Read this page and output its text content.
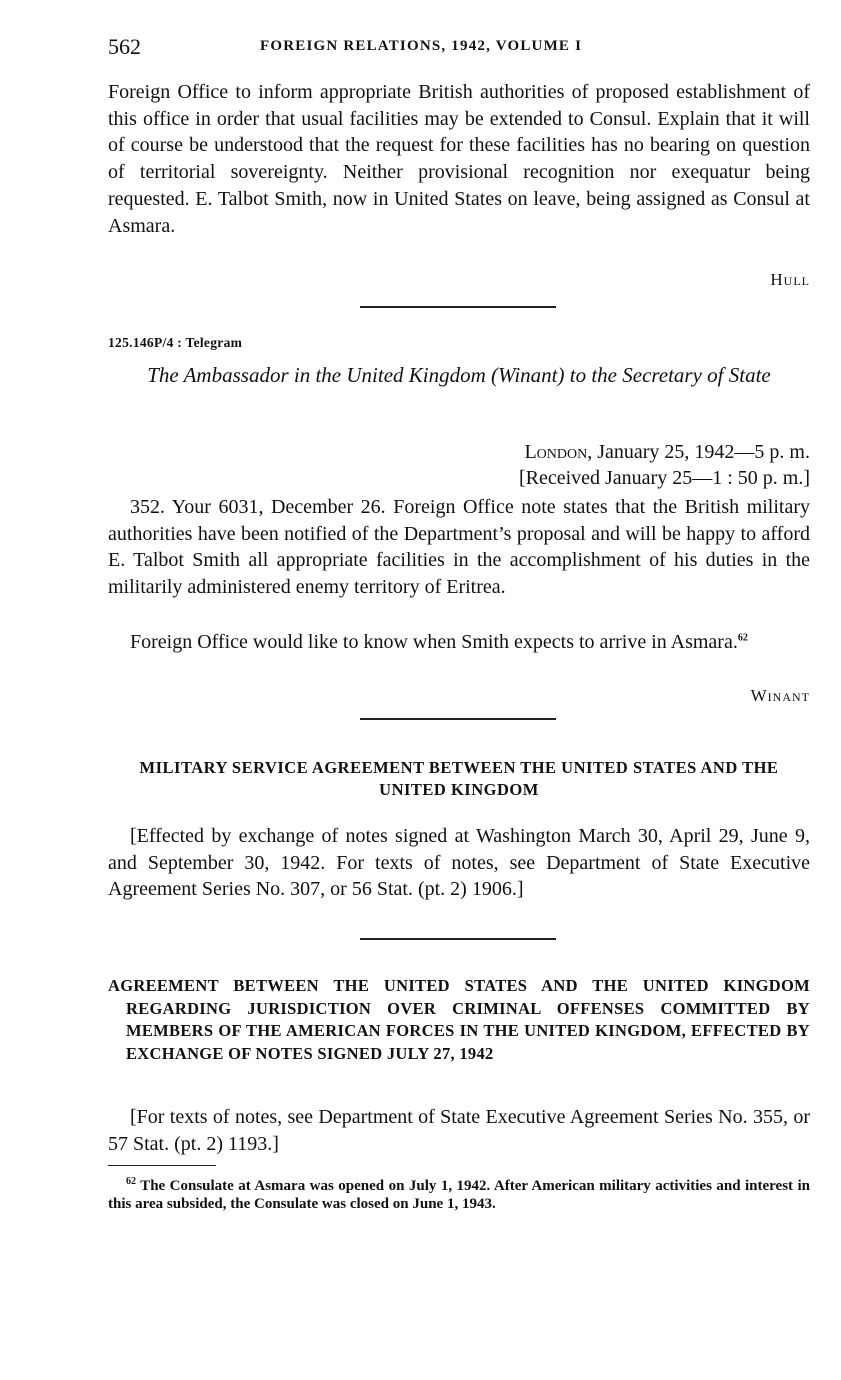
562	FOREIGN RELATIONS, 1942, VOLUME I
Foreign Office to inform appropriate British authorities of proposed establishment of this office in order that usual facilities may be extended to Consul. Explain that it will of course be understood that the request for these facilities has no bearing on question of territorial sovereignty. Neither provisional recognition nor exequatur being requested. E. Talbot Smith, now in United States on leave, being assigned as Consul at Asmara.
Hull
125.146P/4 : Telegram
The Ambassador in the United Kingdom (Winant) to the Secretary of State
London, January 25, 1942—5 p. m.
[Received January 25—1 : 50 p. m.]
352. Your 6031, December 26. Foreign Office note states that the British military authorities have been notified of the Department’s proposal and will be happy to afford E. Talbot Smith all appropriate facilities in the accomplishment of his duties in the militarily administered enemy territory of Eritrea.
Foreign Office would like to know when Smith expects to arrive in Asmara.$^{62}$
Winant
MILITARY SERVICE AGREEMENT BETWEEN THE UNITED STATES AND THE UNITED KINGDOM
[Effected by exchange of notes signed at Washington March 30, April 29, June 9, and September 30, 1942. For texts of notes, see Department of State Executive Agreement Series No. 307, or 56 Stat. (pt. 2) 1906.]
AGREEMENT BETWEEN THE UNITED STATES AND THE UNITED KINGDOM REGARDING JURISDICTION OVER CRIMINAL OFFENSES COMMITTED BY MEMBERS OF THE AMERICAN FORCES IN THE UNITED KINGDOM, EFFECTED BY EXCHANGE OF NOTES SIGNED JULY 27, 1942
[For texts of notes, see Department of State Executive Agreement Series No. 355, or 57 Stat. (pt. 2) 1193.]
$^{62}$ The Consulate at Asmara was opened on July 1, 1942. After American military activities and interest in this area subsided, the Consulate was closed on June 1, 1943.
